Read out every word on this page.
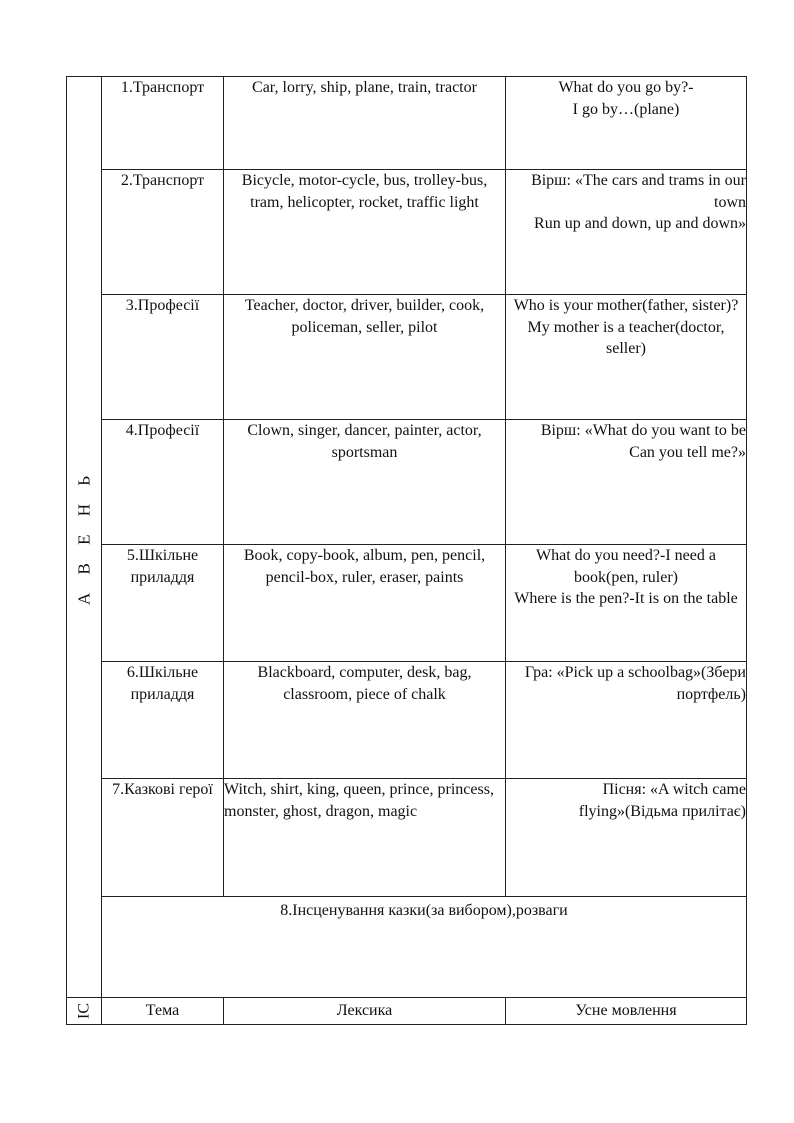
А В Е Н Ь	1.Транспорт	Car, lorry, ship, plane, train, tractor	What do you go by?-
I go by…(plane)

	2.Транспорт	Bicycle, motor-cycle, bus, trolley-bus, tram, helicopter, rocket, traffic light	Вірш: «The cars and trams in our town
Run up and down, up and down»

	3.Професії	Teacher, doctor, driver, builder, cook, policeman, seller, pilot	Who is your mother(father, sister)?
My mother is a teacher(doctor, seller)

	4.Професії	Clown, singer, dancer, painter, actor, sportsman	Вірш: «What do you want to be
Can you tell me?»

	5.Шкільне приладдя	Book, copy-book, album, pen, pencil, pencil-box, ruler, eraser, paints	What do you need?-I need a book(pen, ruler)
Where is the pen?-It is on the table

	6.Шкільне приладдя	Blackboard, computer, desk, bag, classroom, piece of chalk	Гра: «Pick up a schoolbag»(Збери портфель)

	7.Казкові герої	Witch, shirt, king, queen, prince, princess, monster, ghost, dragon, magic	Пісня: «A witch came flying»(Відьма прилітає)

	8.Інсценування казки(за вибором),розваги		

ІС	Тема	Лексика	Усне мовлення
